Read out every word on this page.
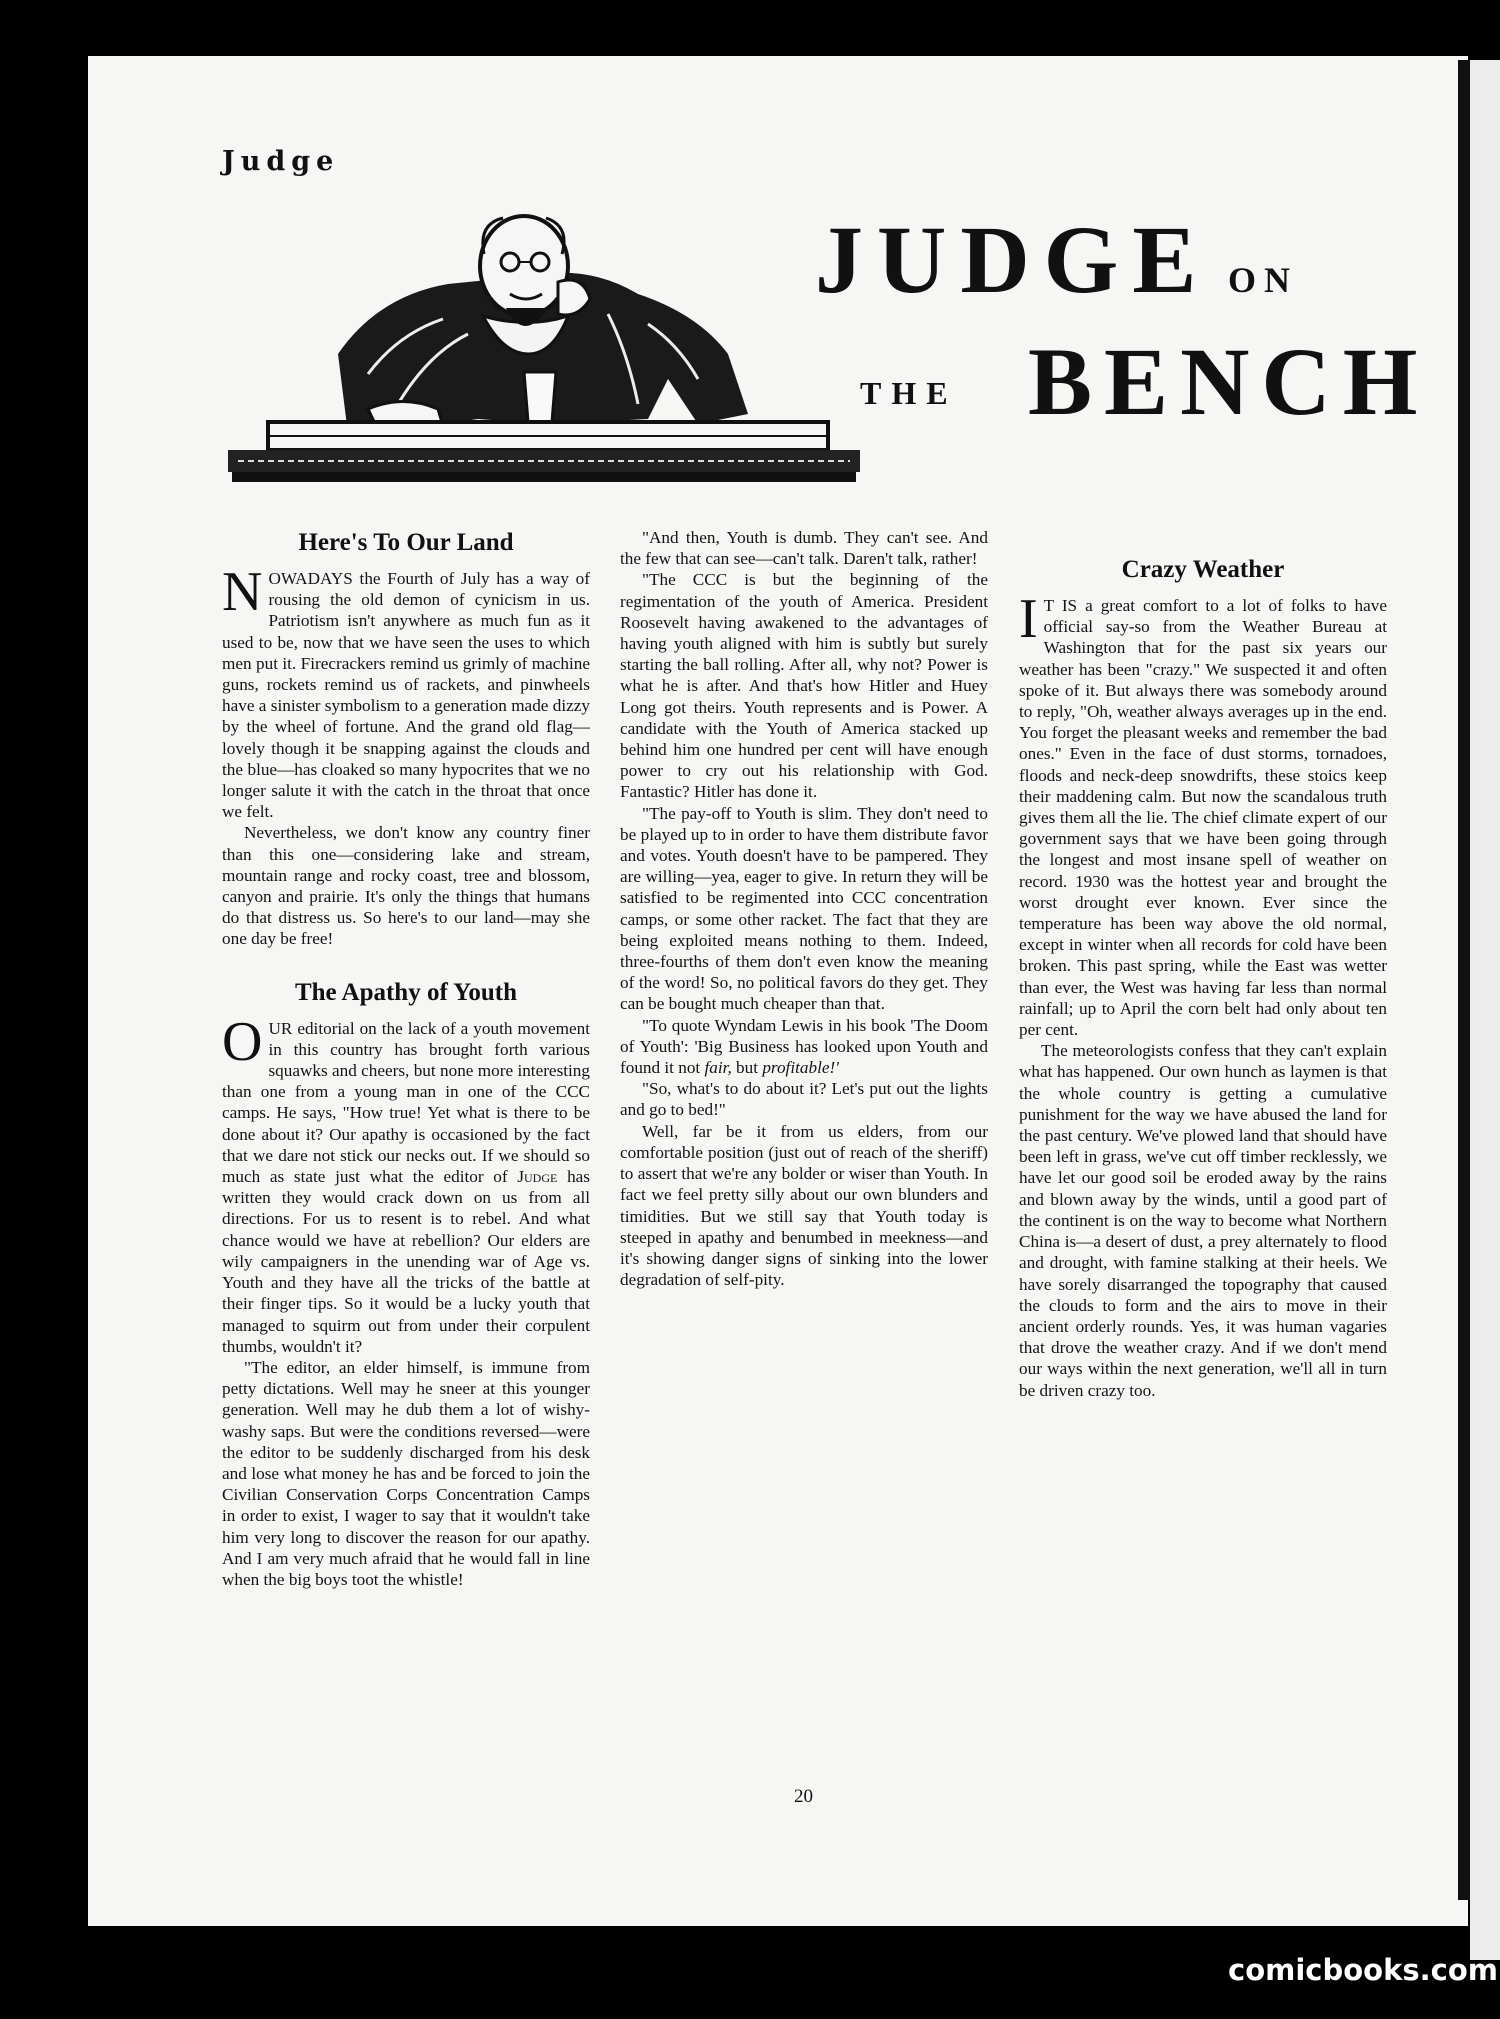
Judge

JUDGE ON
THE BENCH
Here's To Our Land

NOWADAYS the Fourth of July has a way of rousing the old demon of cynicism in us. Patriotism isn't anywhere as much fun as it used to be, now that we have seen the uses to which men put it. Firecrackers remind us grimly of machine guns, rockets remind us of rackets, and pinwheels have a sinister symbolism to a generation made dizzy by the wheel of fortune. And the grand old flag—lovely though it be snapping against the clouds and the blue—has cloaked so many hypocrites that we no longer salute it with the catch in the throat that once we felt.

Nevertheless, we don't know any country finer than this one—considering lake and stream, mountain range and rocky coast, tree and blossom, canyon and prairie. It's only the things that humans do that distress us. So here's to our land—may she one day be free!

The Apathy of Youth

OUR editorial on the lack of a youth movement in this country has brought forth various squawks and cheers, but none more interesting than one from a young man in one of the CCC camps. He says, "How true! Yet what is there to be done about it? Our apathy is occasioned by the fact that we dare not stick our necks out. If we should so much as state just what the editor of Judge has written they would crack down on us from all directions. For us to resent is to rebel. And what chance would we have at rebellion? Our elders are wily campaigners in the unending war of Age vs. Youth and they have all the tricks of the battle at their finger tips. So it would be a lucky youth that managed to squirm out from under their corpulent thumbs, wouldn't it?

"The editor, an elder himself, is immune from petty dictations. Well may he sneer at this younger generation. Well may he dub them a lot of wishy-washy saps. But were the conditions reversed—were the editor to be suddenly discharged from his desk and lose what money he has and be forced to join the Civilian Conservation Corps Concentration Camps in order to exist, I wager to say that it wouldn't take him very long to discover the reason for our apathy. And I am very much afraid that he would fall in line when the big boys toot the whistle!

"And then, Youth is dumb. They can't see. And the few that can see—can't talk. Daren't talk, rather!

"The CCC is but the beginning of the regimentation of the youth of America. President Roosevelt having awakened to the advantages of having youth aligned with him is subtly but surely starting the ball rolling. After all, why not? Power is what he is after. And that's how Hitler and Huey Long got theirs. Youth represents and is Power. A candidate with the Youth of America stacked up behind him one hundred per cent will have enough power to cry out his relationship with God. Fantastic? Hitler has done it.

"The pay-off to Youth is slim. They don't need to be played up to in order to have them distribute favor and votes. Youth doesn't have to be pampered. They are willing—yea, eager to give. In return they will be satisfied to be regimented into CCC concentration camps, or some other racket. The fact that they are being exploited means nothing to them. Indeed, three-fourths of them don't even know the meaning of the word! So, no political favors do they get. They can be bought much cheaper than that.

"To quote Wyndam Lewis in his book 'The Doom of Youth': 'Big Business has looked upon Youth and found it not fair, but profitable!'

"So, what's to do about it? Let's put out the lights and go to bed!"

Well, far be it from us elders, from our comfortable position (just out of reach of the sheriff) to assert that we're any bolder or wiser than Youth. In fact we feel pretty silly about our own blunders and timidities. But we still say that Youth today is steeped in apathy and benumbed in meekness—and it's showing danger signs of sinking into the lower degradation of self-pity.

Crazy Weather

I T IS a great comfort to a lot of folks to have official say-so from the Weather Bureau at Washington that for the past six years our weather has been "crazy." We suspected it and often spoke of it. But always there was somebody around to reply, "Oh, weather always averages up in the end. You forget the pleasant weeks and remember the bad ones." Even in the face of dust storms, tornadoes, floods and neck-deep snowdrifts, these stoics keep their maddening calm. But now the scandalous truth gives them all the lie. The chief climate expert of our government says that we have been going through the longest and most insane spell of weather on record. 1930 was the hottest year and brought the worst drought ever known. Ever since the temperature has been way above the old normal, except in winter when all records for cold have been broken. This past spring, while the East was wetter than ever, the West was having far less than normal rainfall; up to April the corn belt had only about ten per cent.

The meteorologists confess that they can't explain what has happened. Our own hunch as laymen is that the whole country is getting a cumulative punishment for the way we have abused the land for the past century. We've plowed land that should have been left in grass, we've cut off timber recklessly, we have let our good soil be eroded away by the rains and blown away by the winds, until a good part of the continent is on the way to become what Northern China is—a desert of dust, a prey alternately to flood and drought, with famine stalking at their heels. We have sorely disarranged the topography that caused the clouds to form and the airs to move in their ancient orderly rounds. Yes, it was human vagaries that drove the weather crazy. And if we don't mend our ways within the next generation, we'll all in turn be driven crazy too.

20

comicbooks.com
